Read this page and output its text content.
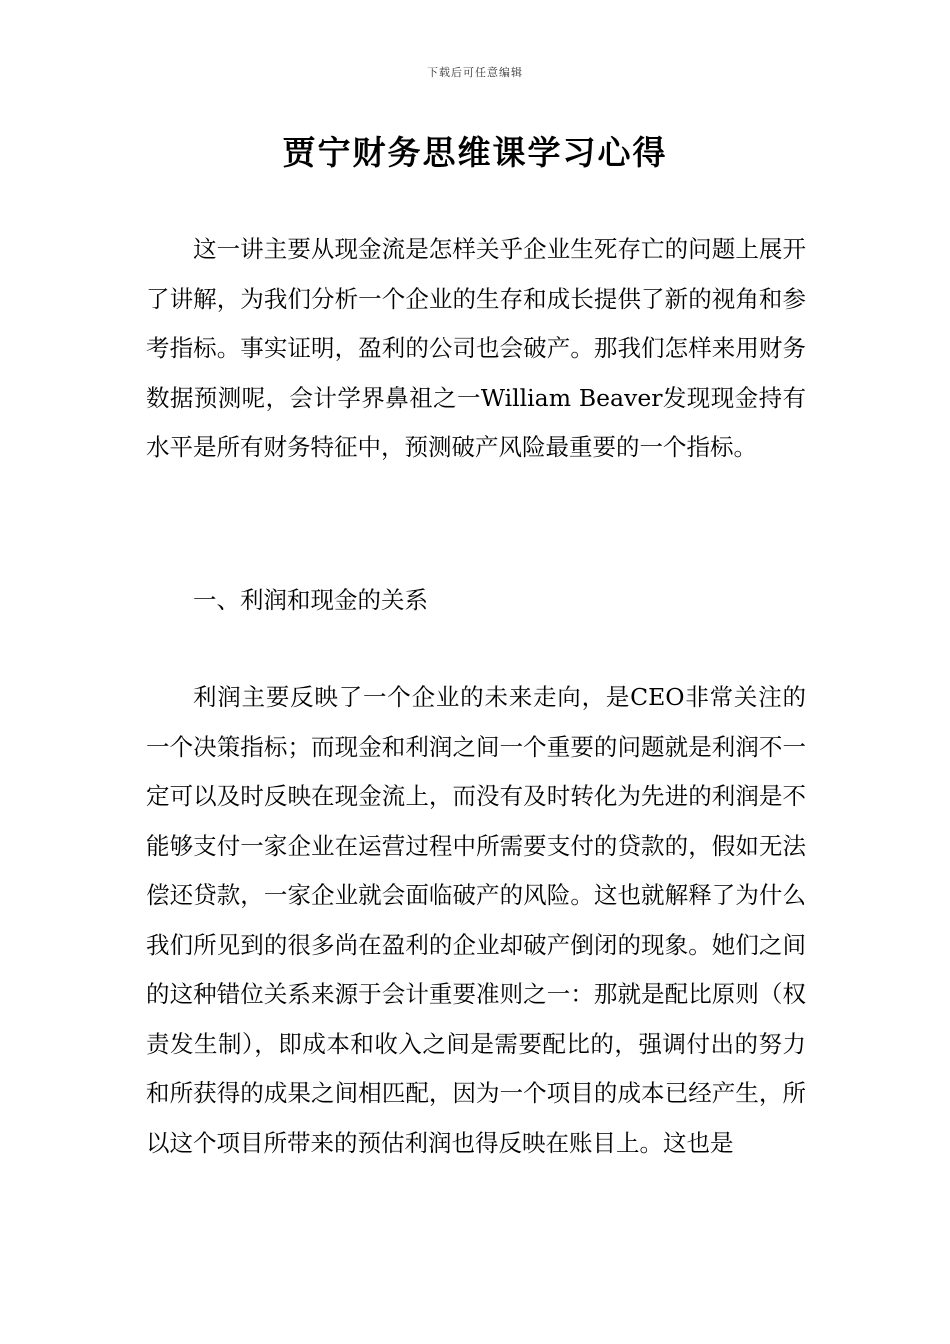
下载后可任意编辑
贾宁财务思维课学习心得
这一讲主要从现金流是怎样关乎企业生死存亡的问题上展开了讲解，为我们分析一个企业的生存和成长提供了新的视角和参考指标。事实证明，盈利的公司也会破产。那我们怎样来用财务数据预测呢，会计学界鼻祖之一William Beaver发现现金持有水平是所有财务特征中，预测破产风险最重要的一个指标。
一、利润和现金的关系
利润主要反映了一个企业的未来走向，是CEO非常关注的一个决策指标；而现金和利润之间一个重要的问题就是利润不一定可以及时反映在现金流上，而没有及时转化为先进的利润是不能够支付一家企业在运营过程中所需要支付的贷款的，假如无法偿还贷款，一家企业就会面临破产的风险。这也就解释了为什么我们所见到的很多尚在盈利的企业却破产倒闭的现象。她们之间的这种错位关系来源于会计重要准则之一：那就是配比原则（权责发生制），即成本和收入之间是需要配比的，强调付出的努力和所获得的成果之间相匹配，因为一个项目的成本已经产生，所以这个项目所带来的预估利润也得反映在账目上。这也是
